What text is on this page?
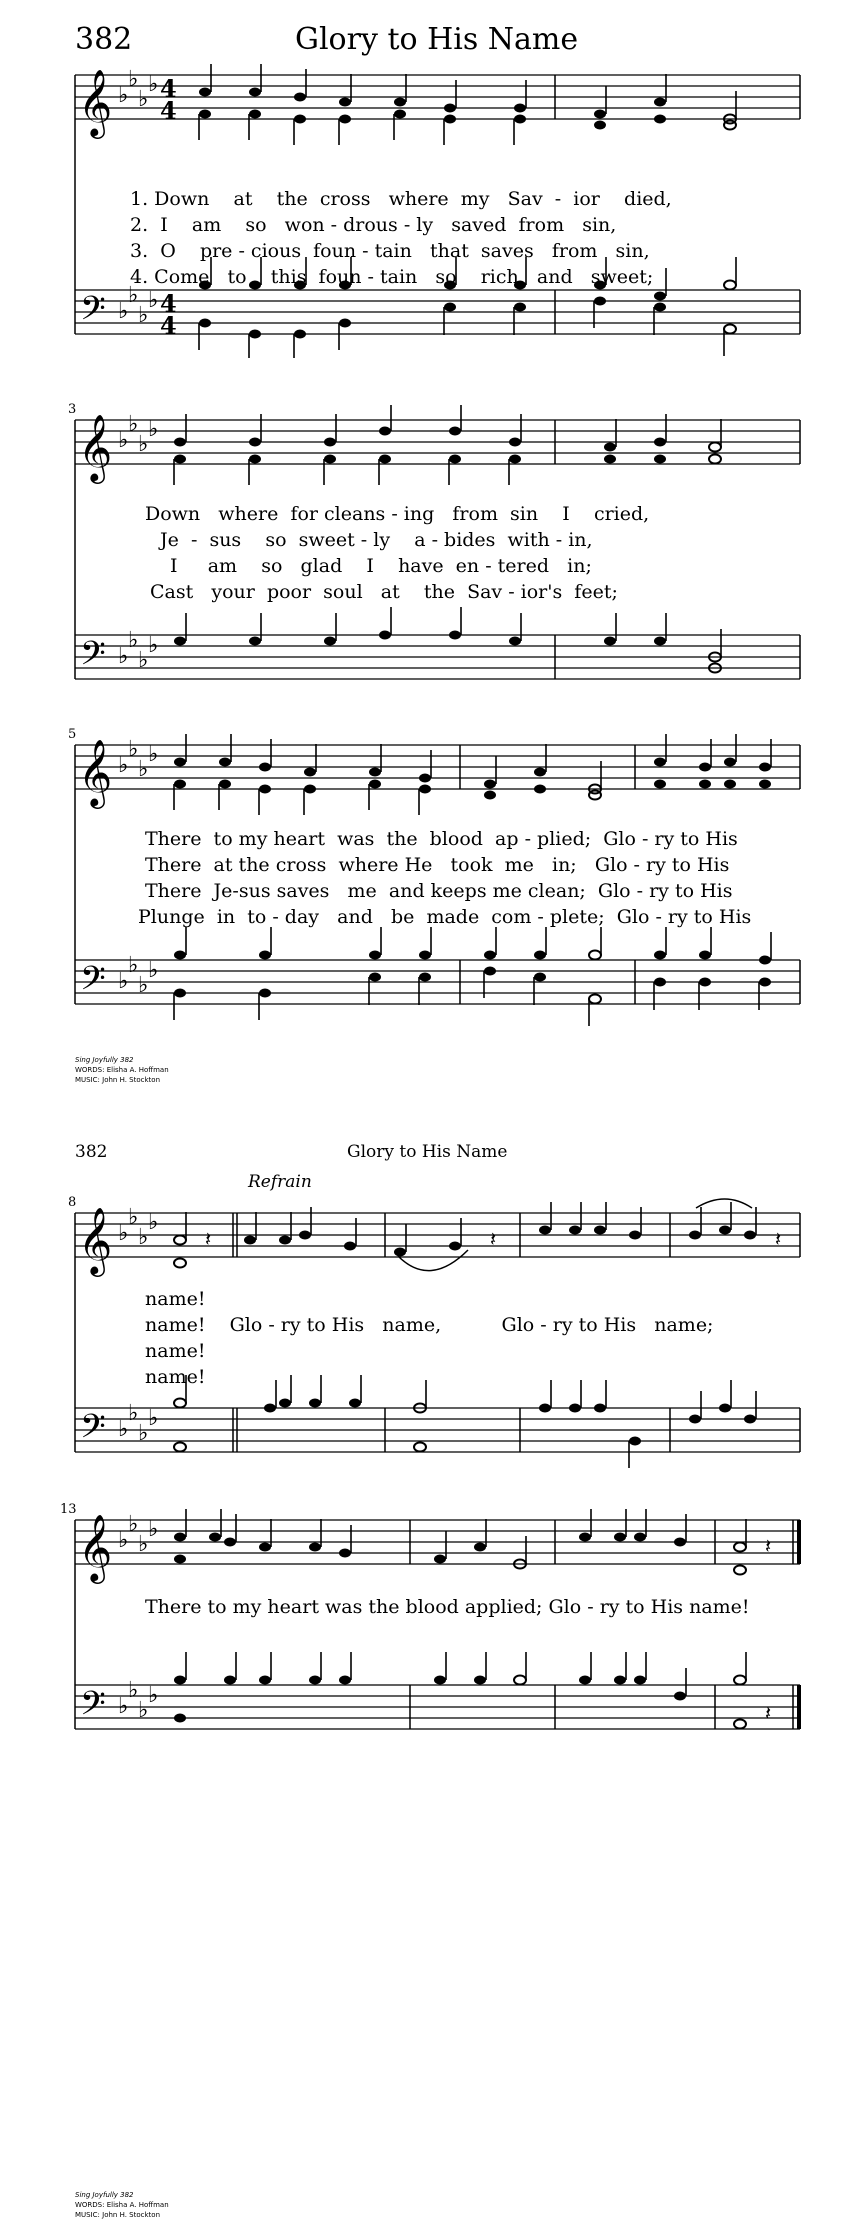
382	Glory to His Name
𝄞
𝄢
♭
♭
♭
♭
♭
♭
♭
♭
4
4
4
4
1. Down    at    the  cross   where  my   Sav  -  ior    died,
2.  I    am    so   won - drous - ly   saved  from   sin,
3.  O    pre - cious  foun - tain   that  saves   from   sin,
4. Come   to    this  foun - tain   so    rich   and   sweet;
3
𝄞
𝄢
♭
♭
♭
♭
♭
♭
♭
♭
Down   where  for cleans - ing   from  sin    I    cried,
Je  -  sus    so  sweet - ly    a - bides  with - in,
I     am    so   glad    I    have  en - tered   in;
Cast   your  poor  soul   at    the  Sav - ior's  feet;
5
𝄞
𝄢
♭
♭
♭
♭
♭
♭
♭
♭
There  to my heart  was  the  blood  ap - plied;  Glo - ry to His
There  at the cross  where He   took  me   in;   Glo - ry to His
There  Je-sus saves   me  and keeps me clean;  Glo - ry to His
Plunge  in  to - day   and   be  made  com - plete;  Glo - ry to His
Sing Joyfully 382
WORDS: Elisha A. Hoffman
MUSIC: John H. Stockton
382	Glory to His Name
Refrain
8
𝄞
𝄢
♭
♭
♭
♭
♭
♭
♭
♭
𝄽	𝄽	𝄽
name!
name!    Glo - ry to His   name,          Glo - ry to His   name;
name!
name!
13
𝄞
𝄢
♭
♭
♭
♭
♭
♭
♭
♭
𝄽
𝄽
There to my heart was the blood applied; Glo - ry to His name!
Sing Joyfully 382
WORDS: Elisha A. Hoffman
MUSIC: John H. Stockton
